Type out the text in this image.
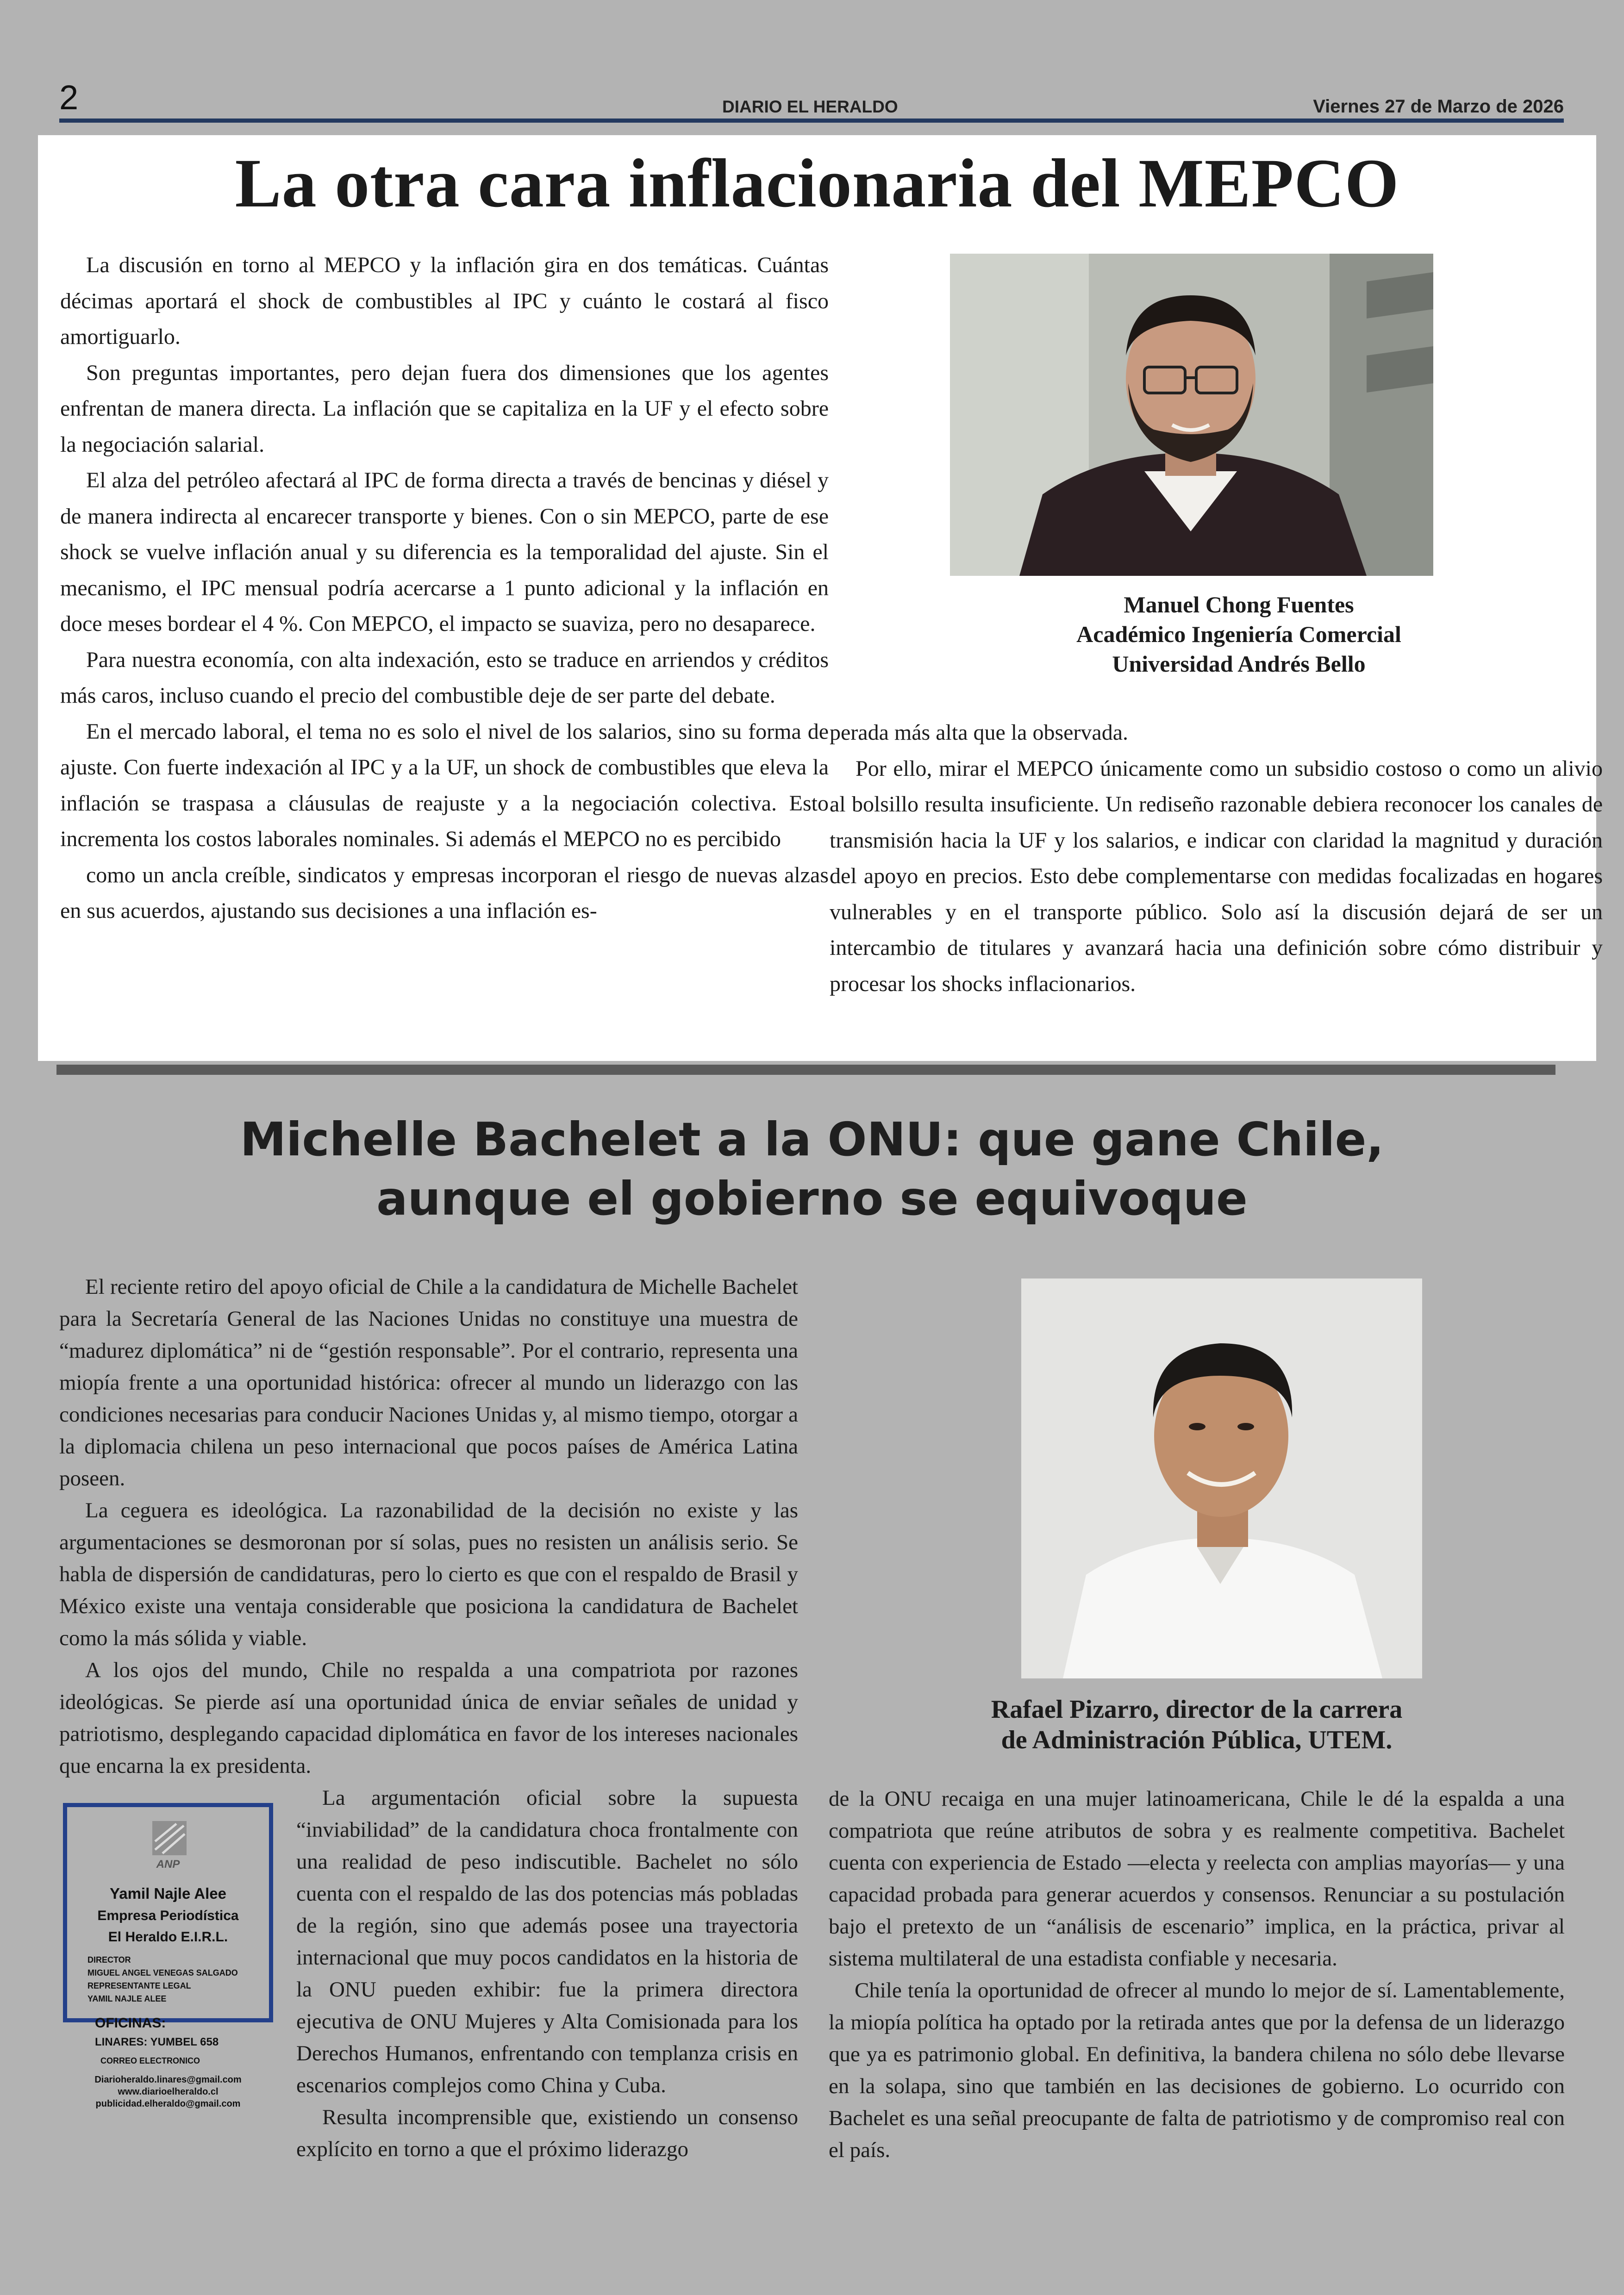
2	DIARIO EL HERALDO	Viernes 27 de Marzo de 2026
La otra cara inflacionaria del MEPCO

La discusión en torno al MEPCO y la inflación gira en dos temáticas. Cuántas décimas aportará el shock de combustibles al IPC y cuánto le costará al fisco amortiguarlo.

Son preguntas importantes, pero dejan fuera dos dimensiones que los agentes enfrentan de manera directa. La inflación que se capitaliza en la UF y el efecto sobre la negociación salarial.

El alza del petróleo afectará al IPC de forma directa a través de bencinas y diésel y de manera indirecta al encarecer transporte y bienes. Con o sin MEPCO, parte de ese shock se vuelve inflación anual y su diferencia es la temporalidad del ajuste. Sin el mecanismo, el IPC mensual podría acercarse a 1 punto adicional y la inflación en doce meses bordear el 4 %. Con MEPCO, el impacto se suaviza, pero no desaparece.

Para nuestra economía, con alta indexación, esto se traduce en arriendos y créditos más caros, incluso cuando el precio del combustible deje de ser parte del debate.

En el mercado laboral, el tema no es solo el nivel de los salarios, sino su forma de ajuste. Con fuerte indexación al IPC y a la UF, un shock de combustibles que eleva la inflación se traspasa a cláusulas de reajuste y a la negociación colectiva. Esto incrementa los costos laborales nominales. Si además el MEPCO no es percibido

como un ancla creíble, sindicatos y empresas incorporan el riesgo de nuevas alzas en sus acuerdos, ajustando sus decisiones a una inflación es-

Manuel Chong Fuentes
Académico Ingeniería Comercial
Universidad Andrés Bello

perada más alta que la observada.

Por ello, mirar el MEPCO únicamente como un subsidio costoso o como un alivio al bolsillo resulta insuficiente. Un rediseño razonable debiera reconocer los canales de transmisión hacia la UF y los salarios, e indicar con claridad la magnitud y duración del apoyo en precios. Esto debe complementarse con medidas focalizadas en hogares vulnerables y en el transporte público. Solo así la discusión dejará de ser un intercambio de titulares y avanzará hacia una definición sobre cómo distribuir y procesar los shocks inflacionarios.

Michelle Bachelet a la ONU: que gane Chile,
aunque el gobierno se equivoque

El reciente retiro del apoyo oficial de Chile a la candidatura de Michelle Bachelet para la Secretaría General de las Naciones Unidas no constituye una muestra de “madurez diplomática” ni de “gestión responsable”. Por el contrario, representa una miopía frente a una oportunidad histórica: ofrecer al mundo un liderazgo con las condiciones necesarias para conducir Naciones Unidas y, al mismo tiempo, otorgar a la diplomacia chilena un peso internacional que pocos países de América Latina poseen.

La ceguera es ideológica. La razonabilidad de la decisión no existe y las argumentaciones se desmoronan por sí solas, pues no resisten un análisis serio. Se habla de dispersión de candidaturas, pero lo cierto es que con el respaldo de Brasil y México existe una ventaja considerable que posiciona la candidatura de Bachelet como la más sólida y viable.

A los ojos del mundo, Chile no respalda a una compatriota por razones ideológicas. Se pierde así una oportunidad única de enviar señales de unidad y patriotismo, desplegando capacidad diplomática en favor de los intereses nacionales que encarna la ex presidenta.

Rafael Pizarro, director de la carrera
de Administración Pública, UTEM.

La argumentación oficial sobre la supuesta “inviabilidad” de la candidatura choca frontalmente con una realidad de peso indiscutible. Bachelet no sólo cuenta con el respaldo de las dos potencias más pobladas de la región, sino que además posee una trayectoria internacional que muy pocos candidatos en la historia de la ONU pueden exhibir: fue la primera directora ejecutiva de ONU Mujeres y Alta Comisionada para los Derechos Humanos, enfrentando con templanza crisis en escenarios complejos como China y Cuba.

Resulta incomprensible que, existiendo un consenso explícito en torno a que el próximo liderazgo

de la ONU recaiga en una mujer latinoamericana, Chile le dé la espalda a una compatriota que reúne atributos de sobra y es realmente competitiva. Bachelet cuenta con experiencia de Estado —electa y reelecta con amplias mayorías— y una capacidad probada para generar acuerdos y consensos. Renunciar a su postulación bajo el pretexto de un “análisis de escenario” implica, en la práctica, privar al sistema multilateral de una estadista confiable y necesaria.

Chile tenía la oportunidad de ofrecer al mundo lo mejor de sí. Lamentablemente, la miopía política ha optado por la retirada antes que por la defensa de un liderazgo que ya es patrimonio global. En definitiva, la bandera chilena no sólo debe llevarse en la solapa, sino que también en las decisiones de gobierno. Lo ocurrido con Bachelet es una señal preocupante de falta de patriotismo y de compromiso real con el país.

ANP
Yamil Najle Alee
Empresa Periodística
El Heraldo E.I.R.L.
DIRECTOR
MIGUEL ANGEL VENEGAS SALGADO
REPRESENTANTE LEGAL
YAMIL NAJLE ALEE
OFICINAS:
LINARES: YUMBEL 658
CORREO ELECTRONICO
Diarioheraldo.linares@gmail.com
www.diarioelheraldo.cl
publicidad.elheraldo@gmail.com
